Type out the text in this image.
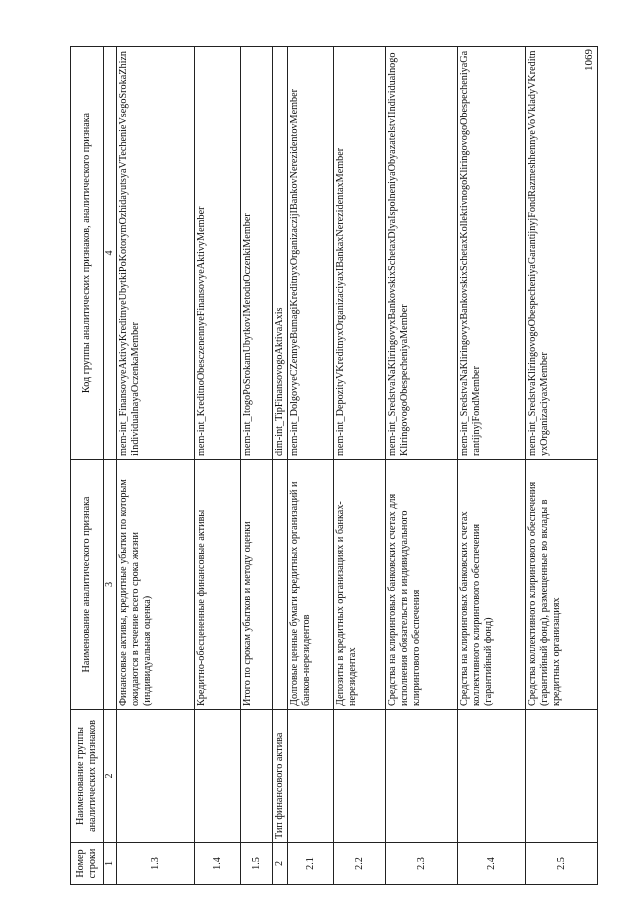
1069
Номер строки	Наименование группы аналитических признаков	Наименование аналитического признака	Код группы аналитических признаков, аналитического признака
1	2	3	4
1.3		Финансовые активы, кредитные убытки по которым ожидаются в течение всего срока жизни (индивидуальная оценка)	mem-int_FinansovyeAktivyKreditnyeUbytkiPoKotorymOzhidayutsyaVTechenieVsegoSrokaZhizniIndividualnayaOczenkaMember
1.4		Кредитно-обесцененные финансовые активы	mem-int_KreditnoObesczenennyeFinansovyeAktivyMember
1.5		Итого по срокам убытков и методу оценки	mem-int_ItogoPoSrokamUbytkovIMetoduOczenkiMember
2	Тип финансового актива		dim-int_TipFinansovogoAktivaAxis
2.1		Долговые ценные бумаги кредитных организаций и банков-нерезидентов	mem-int_DolgovyeCZennyeBumagiKreditnyxOrganizaczijIBankovNerezidentovMember
2.2		Депозиты в кредитных организациях и банках-нерезидентах	mem-int_DepozityVKreditnyxOrganizaciyaxIBankaxNerezidentaxMember
2.3		Средства на клиринговых банковских счетах для исполнения обязательств и индивидуального клирингового обеспечения	mem-int_SredstvaNaKliringovyxBankovskixSchetaxDlyaIspolneniyaObyazatelstvIIndividualnogoKliringovogoObespecheniyaMember
2.4		Средства на клиринговых банковских счетах коллективного клирингового обеспечения (гарантийный фонд)	mem-int_SredstvaNaKliringovyxBankovskixSchetaxKollektivnogoKliringovogoObespecheniyaGarantijnyjFondMember
2.5		Средства коллективного клирингового обеспечения (гарантийный фонд), размещенные во вклады в кредитных организациях	mem-int_SredstvaKliringovogoObespecheniyaGarantijnyjFondRazmeshhennyeVoVkladyVKreditnyxOrganizaciyaxMember
